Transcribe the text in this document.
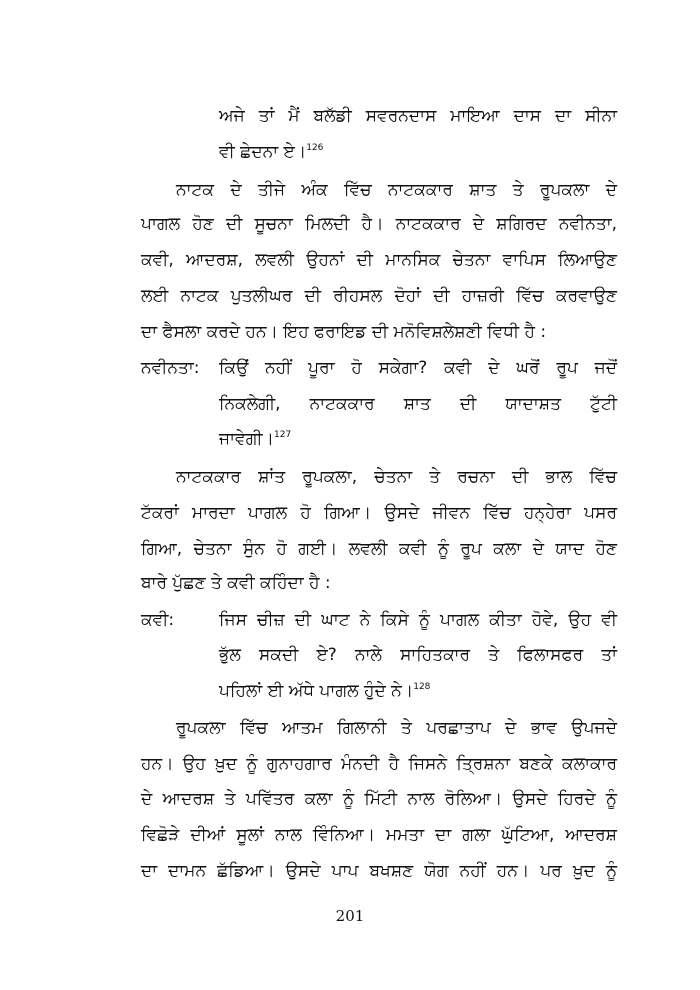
ਅਜੇ ਤਾਂ ਮੈਂ ਬਲੱਡੀ ਸਵਰਨਦਾਸ ਮਾਇਆ ਦਾਸ ਦਾ ਸੀਨਾ
ਵੀ ਛੇਦਨਾ ਏ।$^{126}$
ਨਾਟਕ ਦੇ ਤੀਜੇ ਅੰਕ ਵਿੱਚ ਨਾਟਕਕਾਰ ਸ਼ਾਤ ਤੇ ਰੂਪਕਲਾ ਦੇ
ਪਾਗਲ ਹੋਣ ਦੀ ਸੂਚਨਾ ਮਿਲਦੀ ਹੈ। ਨਾਟਕਕਾਰ ਦੇ ਸ਼ਗਿਰਦ ਨਵੀਨਤਾ,
ਕਵੀ, ਆਦਰਸ਼, ਲਵਲੀ ਉਹਨਾਂ ਦੀ ਮਾਨਸਿਕ ਚੇਤਨਾ ਵਾਪਿਸ ਲਿਆਉਣ
ਲਈ ਨਾਟਕ ਪੁਤਲੀਘਰ ਦੀ ਰੀਹਸਲ ਦੋਹਾਂ ਦੀ ਹਾਜ਼ਰੀ ਵਿੱਚ ਕਰਵਾਉਣ
ਦਾ ਫੈਸਲਾ ਕਰਦੇ ਹਨ। ਇਹ ਫਰਾਇਡ ਦੀ ਮਨੋਵਿਸ਼ਲੇਸ਼ਣੀ ਵਿਧੀ ਹੈ :
ਨਵੀਨਤਾ: ਕਿਉਂ ਨਹੀਂ ਪੂਰਾ ਹੋ ਸਕੇਗਾ? ਕਵੀ ਦੇ ਘਰੋਂ ਰੂਪ ਜਦੋਂ
ਨਿਕਲੇਗੀ, ਨਾਟਕਕਾਰ ਸ਼ਾਤ ਦੀ ਯਾਦਾਸ਼ਤ ਟੁੱਟੀ
ਜਾਵੇਗੀ।$^{127}$
ਨਾਟਕਕਾਰ ਸ਼ਾਂਤ ਰੂਪਕਲਾ, ਚੇਤਨਾ ਤੇ ਰਚਨਾ ਦੀ ਭਾਲ ਵਿੱਚ
ਟੱਕਰਾਂ ਮਾਰਦਾ ਪਾਗਲ ਹੋ ਗਿਆ। ਉਸਦੇ ਜੀਵਨ ਵਿੱਚ ਹਨ੍ਹੇਰਾ ਪਸਰ
ਗਿਆ, ਚੇਤਨਾ ਸੁੰਨ ਹੋ ਗਈ। ਲਵਲੀ ਕਵੀ ਨੂੰ ਰੂਪ ਕਲਾ ਦੇ ਯਾਦ ਹੋਣ
ਬਾਰੇ ਪੁੱਛਣ ਤੇ ਕਵੀ ਕਹਿੰਦਾ ਹੈ :
ਕਵੀ:	ਜਿਸ ਚੀਜ਼ ਦੀ ਘਾਟ ਨੇ ਕਿਸੇ ਨੂੰ ਪਾਗਲ ਕੀਤਾ ਹੋਵੇ, ਉਹ ਵੀ
ਭੁੱਲ ਸਕਦੀ ਏ? ਨਾਲੇ ਸਾਹਿਤਕਾਰ ਤੇ ਫਿਲਾਸਫਰ ਤਾਂ
ਪਹਿਲਾਂ ਈ ਅੱਧੇ ਪਾਗਲ ਹੁੰਦੇ ਨੇ।$^{128}$
ਰੂਪਕਲਾ ਵਿੱਚ ਆਤਮ ਗਿਲਾਨੀ ਤੇ ਪਰਛਾਤਾਪ ਦੇ ਭਾਵ ਉਪਜਦੇ
ਹਨ। ਉਹ ਖ਼ੁਦ ਨੂੰ ਗੁਨਾਹਗਾਰ ਮੰਨਦੀ ਹੈ ਜਿਸਨੇ ਤ੍ਰਿਸ਼ਨਾ ਬਣਕੇ ਕਲਾਕਾਰ
ਦੇ ਆਦਰਸ਼ ਤੇ ਪਵਿੱਤਰ ਕਲਾ ਨੂੰ ਮਿੱਟੀ ਨਾਲ ਰੋਲਿਆ। ਉਸਦੇ ਹਿਰਦੇ ਨੂੰ
ਵਿਛੋੜੇ ਦੀਆਂ ਸੂਲਾਂ ਨਾਲ ਵਿੰਨਿਆ। ਮਮਤਾ ਦਾ ਗਲਾ ਘੁੱਟਿਆ, ਆਦਰਸ਼
ਦਾ ਦਾਮਨ ਛੱਡਿਆ। ਉਸਦੇ ਪਾਪ ਬਖਸ਼ਣ ਯੋਗ ਨਹੀਂ ਹਨ। ਪਰ ਖ਼ੁਦ ਨੂੰ
201
